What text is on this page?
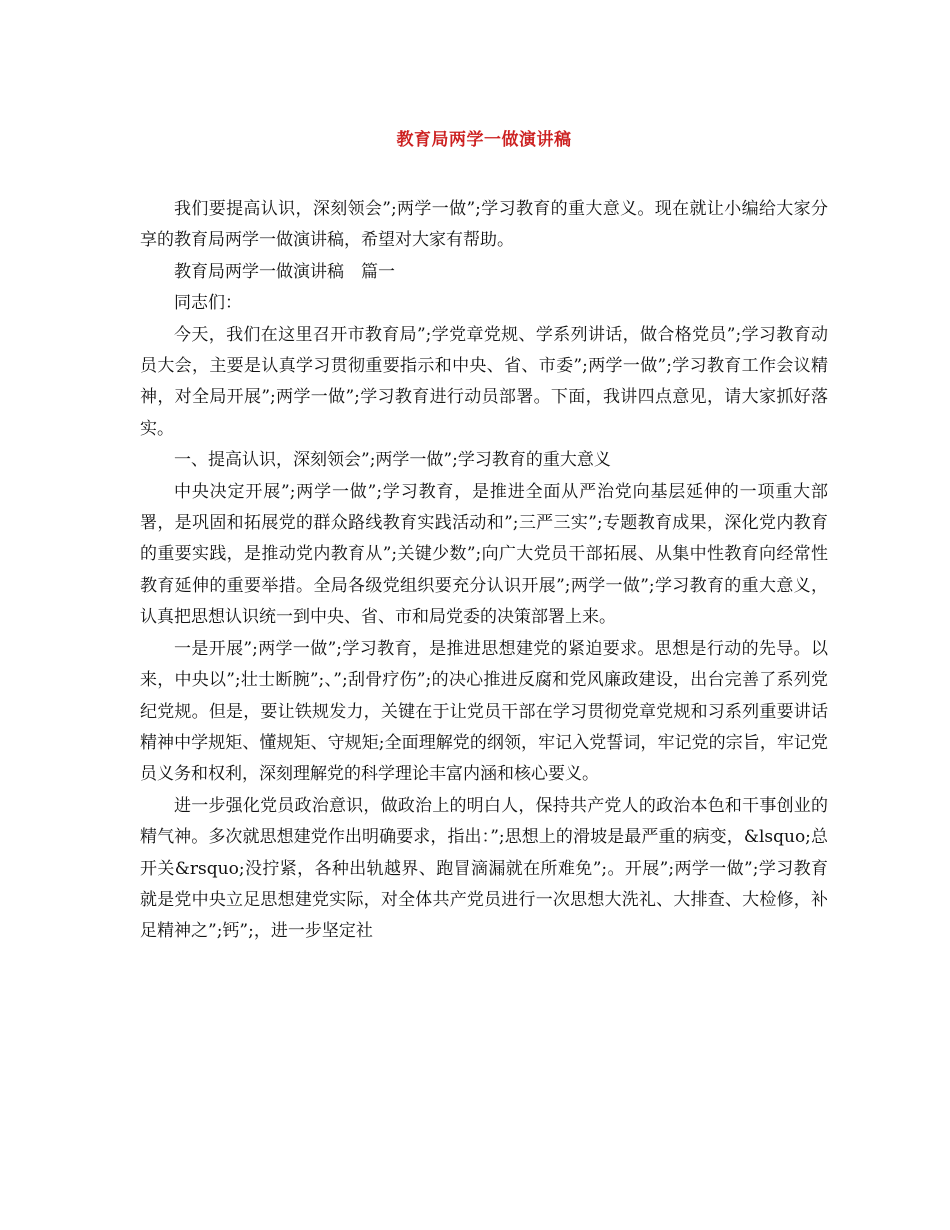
教育局两学一做演讲稿

我们要提高认识，深刻领会”;两学一做”;学习教育的重大意义。现在就让小编给大家分享的教育局两学一做演讲稿，希望对大家有帮助。

教育局两学一做演讲稿　篇一

同志们：

今天，我们在这里召开市教育局”;学党章党规、学系列讲话，做合格党员”;学习教育动员大会，主要是认真学习贯彻重要指示和中央、省、市委”;两学一做”;学习教育工作会议精神，对全局开展”;两学一做”;学习教育进行动员部署。下面，我讲四点意见，请大家抓好落实。

一、提高认识，深刻领会”;两学一做”;学习教育的重大意义

中央决定开展”;两学一做”;学习教育，是推进全面从严治党向基层延伸的一项重大部署，是巩固和拓展党的群众路线教育实践活动和”;三严三实”;专题教育成果，深化党内教育的重要实践，是推动党内教育从”;关键少数”;向广大党员干部拓展、从集中性教育向经常性教育延伸的重要举措。全局各级党组织要充分认识开展”;两学一做”;学习教育的重大意义，认真把思想认识统一到中央、省、市和局党委的决策部署上来。

一是开展”;两学一做”;学习教育，是推进思想建党的紧迫要求。思想是行动的先导。以来，中央以”;壮士断腕”;、”;刮骨疗伤”;的决心推进反腐和党风廉政建设，出台完善了系列党纪党规。但是，要让铁规发力，关键在于让党员干部在学习贯彻党章党规和习系列重要讲话精神中学规矩、懂规矩、守规矩;全面理解党的纲领，牢记入党誓词，牢记党的宗旨，牢记党员义务和权利，深刻理解党的科学理论丰富内涵和核心要义。

进一步强化党员政治意识，做政治上的明白人，保持共产党人的政治本色和干事创业的精气神。多次就思想建党作出明确要求，指出：”;思想上的滑坡是最严重的病变，&lsquo;总开关&rsquo;没拧紧，各种出轨越界、跑冒滴漏就在所难免”;。开展”;两学一做”;学习教育就是党中央立足思想建党实际，对全体共产党员进行一次思想大洗礼、大排查、大检修，补足精神之”;钙”;，进一步坚定社
